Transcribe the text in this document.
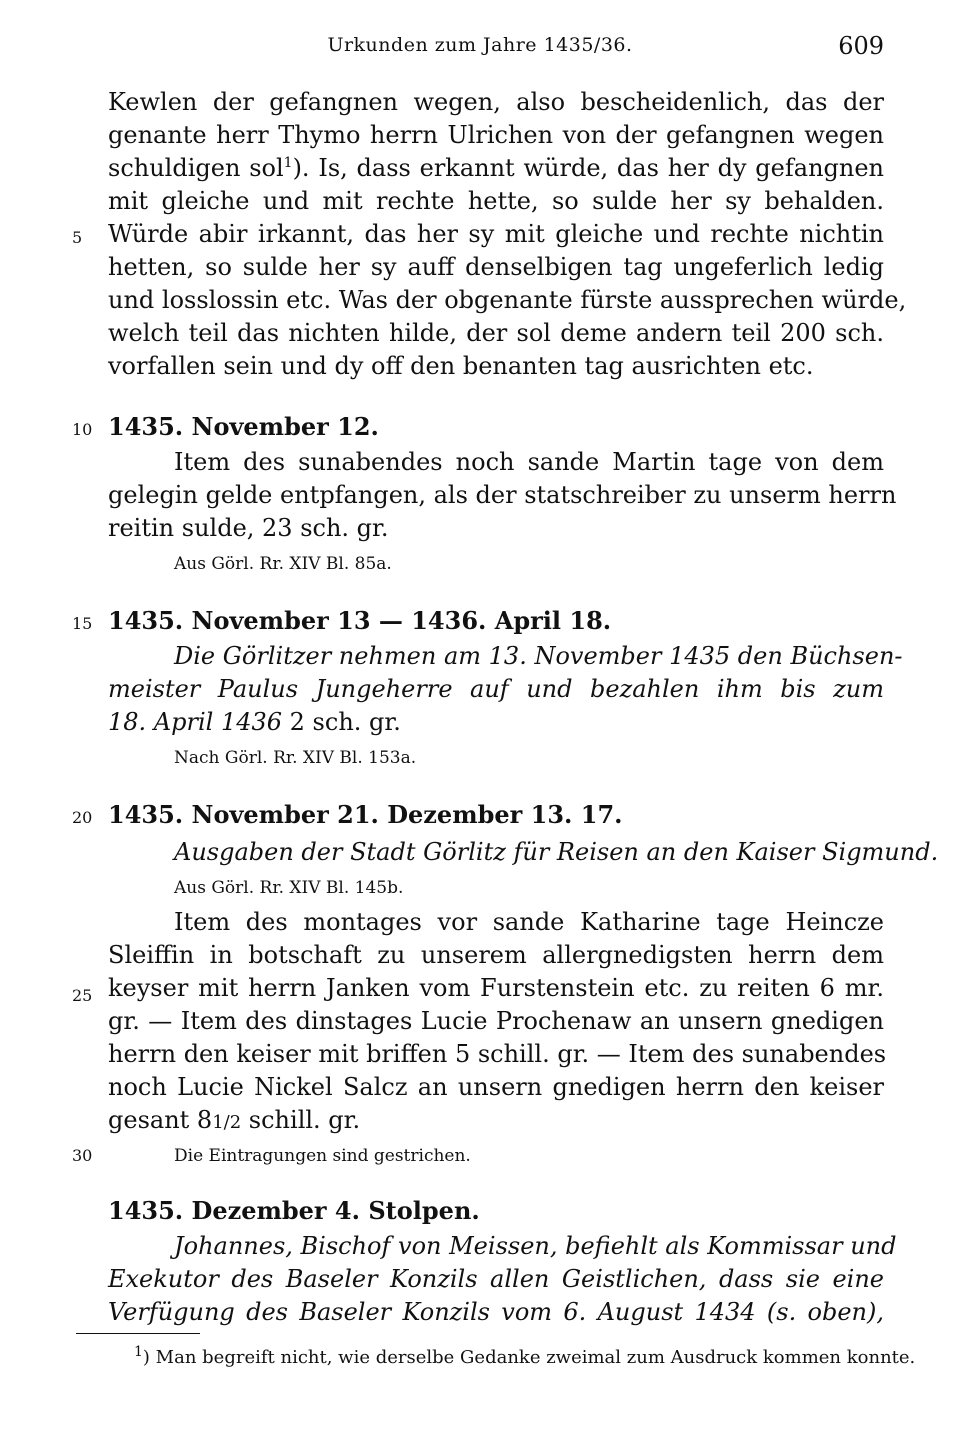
Urkunden zum Jahre 1435/36.	609
5
10
15
20
25
30
Kewlen der gefangnen wegen, also bescheidenlich, das der
genante herr Thymo herrn Ulrichen von der gefangnen wegen
schuldigen sol$^1$). Is, dass erkannt würde, das her dy gefangnen
mit gleiche und mit rechte hette, so sulde her sy behalden.
Würde abir irkannt, das her sy mit gleiche und rechte nichtin
hetten, so sulde her sy auff denselbigen tag ungeferlich ledig
und losslossin etc. Was der obgenante fürste aussprechen würde,
welch teil das nichten hilde, der sol deme andern teil 200 sch.
vorfallen sein und dy off den benanten tag ausrichten etc.
1435. November 12.
Item des sunabendes noch sande Martin tage von dem
gelegin gelde entpfangen, als der statschreiber zu unserm herrn
reitin sulde, 23 sch. gr.
Aus Görl. Rr. XIV Bl. 85a.
1435. November 13 — 1436. April 18.
Die Görlitzer nehmen am 13. November 1435 den Büchsen-
meister Paulus Jungeherre auf und bezahlen ihm bis zum
18. April 1436 2 sch. gr.
Nach Görl. Rr. XIV Bl. 153a.
1435. November 21. Dezember 13. 17.
Ausgaben der Stadt Görlitz für Reisen an den Kaiser Sigmund.
Aus Görl. Rr. XIV Bl. 145b.
Item des montages vor sande Katharine tage Heincze
Sleiffin in botschaft zu unserem allergnedigsten herrn dem
keyser mit herrn Janken vom Furstenstein etc. zu reiten 6 mr.
gr. — Item des dinstages Lucie Prochenaw an unsern gnedigen
herrn den keiser mit briffen 5 schill. gr. — Item des sunabendes
noch Lucie Nickel Salcz an unsern gnedigen herrn den keiser
gesant 81/2 schill. gr.
Die Eintragungen sind gestrichen.
1435. Dezember 4. Stolpen.
Johannes, Bischof von Meissen, befiehlt als Kommissar und
Exekutor des Baseler Konzils allen Geistlichen, dass sie eine
Verfügung des Baseler Konzils vom 6. August 1434 (s. oben),
$^1$) Man begreift nicht, wie derselbe Gedanke zweimal zum Ausdruck kommen konnte.
